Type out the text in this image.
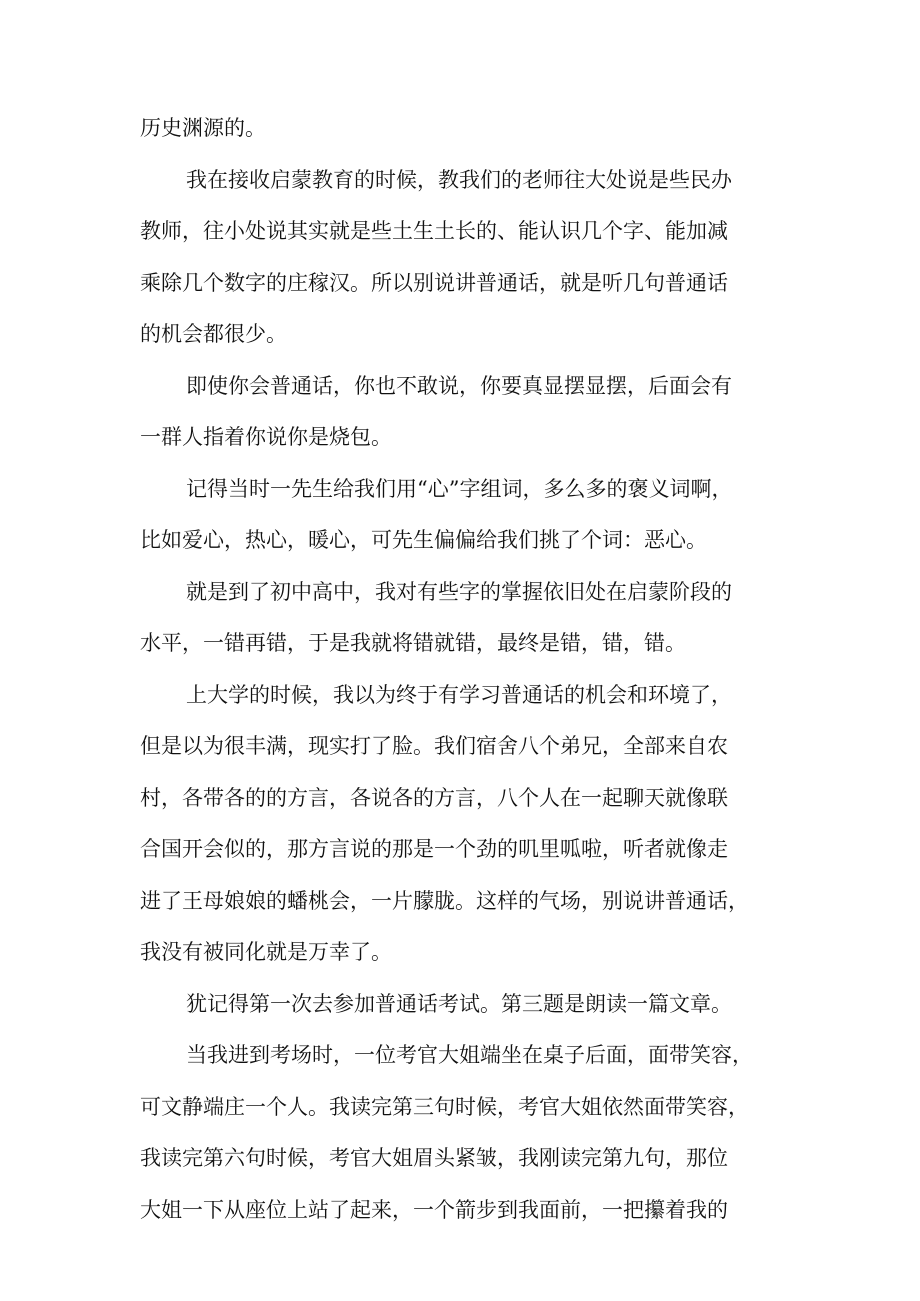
历史渊源的。
我在接收启蒙教育的时候，教我们的老师往大处说是些民办
教师，往小处说其实就是些土生土长的、能认识几个字、能加减
乘除几个数字的庄稼汉。所以别说讲普通话，就是听几句普通话
的机会都很少。
即使你会普通话，你也不敢说，你要真显摆显摆，后面会有
一群人指着你说你是烧包。
记得当时一先生给我们用“心”字组词，多么多的褒义词啊，
比如爱心，热心，暖心，可先生偏偏给我们挑了个词：恶心。
就是到了初中高中，我对有些字的掌握依旧处在启蒙阶段的
水平，一错再错，于是我就将错就错，最终是错，错，错。
上大学的时候，我以为终于有学习普通话的机会和环境了，
但是以为很丰满，现实打了脸。我们宿舍八个弟兄，全部来自农
村，各带各的的方言，各说各的方言，八个人在一起聊天就像联
合国开会似的，那方言说的那是一个劲的叽里呱啦，听者就像走
进了王母娘娘的蟠桃会，一片朦胧。这样的气场，别说讲普通话，
我没有被同化就是万幸了。
犹记得第一次去参加普通话考试。第三题是朗读一篇文章。
当我进到考场时，一位考官大姐端坐在桌子后面，面带笑容，
可文静端庄一个人。我读完第三句时候，考官大姐依然面带笑容，
我读完第六句时候，考官大姐眉头紧皱，我刚读完第九句，那位
大姐一下从座位上站了起来，一个箭步到我面前，一把攥着我的
